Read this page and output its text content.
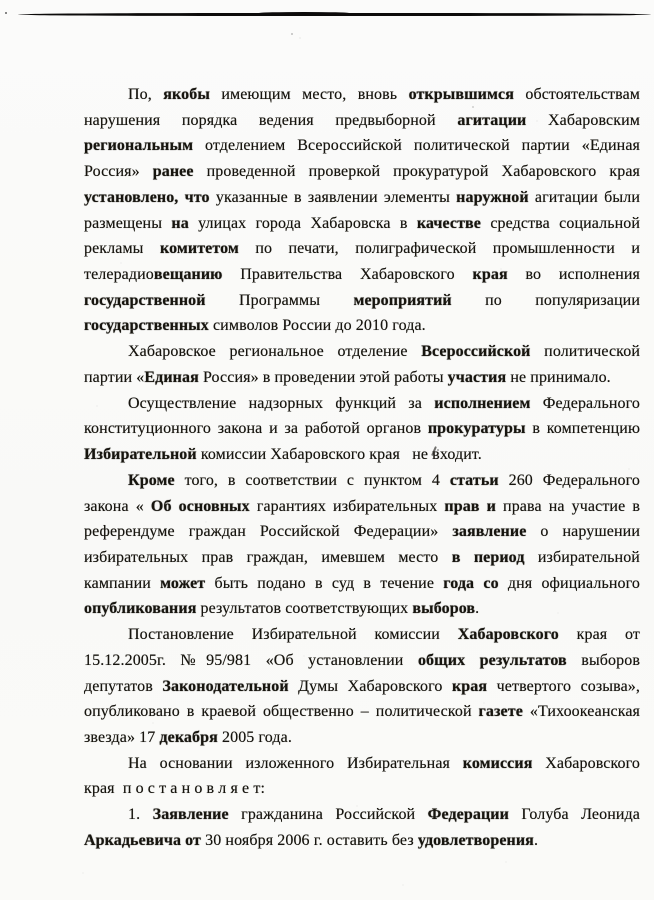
По, якобы имеющим место, вновь открывшимся обстоятельствам
нарушения порядка ведения предвыборной агитации Хабаровским
региональным отделением Всероссийской политической партии «Единая
Россия» ранее проведенной проверкой прокуратурой Хабаровского края
установлено, что указанные в заявлении элементы наружной агитации были
размещены на улицах города Хабаровска в качестве средства социальной
рекламы комитетом по печати, полиграфической промышленности и
телерадиовещанию Правительства Хабаровского края во исполнения
государственной Программы мероприятий по популяризации
государственных символов России до 2010 года.
Хабаровское региональное отделение Всероссийской политической
партии «Единая Россия» в проведении этой работы участия не принимало.
Осуществление надзорных функций за исполнением Федерального
конституционного закона и за работой органов прокуратуры в компетенцию
Избирательной комиссии Хабаровского края   не входит.
Кроме того, в соответствии с пунктом 4 статьи 260 Федерального
закона « Об основных гарантиях избирательных прав и права на участие в
референдуме граждан Российской Федерации» заявление о нарушении
избирательных прав граждан, имевшем место в период избирательной
кампании может быть подано в суд в течение года со дня официального
опубликования результатов соответствующих выборов.
Постановление Избирательной комиссии Хабаровского края от
15.12.2005г. №95/981 «Об установлении общих результатов выборов
депутатов Законодательной Думы Хабаровского края четвертого созыва»,
опубликовано в краевой общественно – политической газете «Тихоокеанская
звезда» 17 декабря 2005 года.
На основании изложенного Избирательная комиссия Хабаровского
края  п о с т а н о в л я е т:
1. Заявление гражданина Российской Федерации Голуба Леонида
Аркадьевича от 30 ноября 2006 г. оставить без удовлетворения.
